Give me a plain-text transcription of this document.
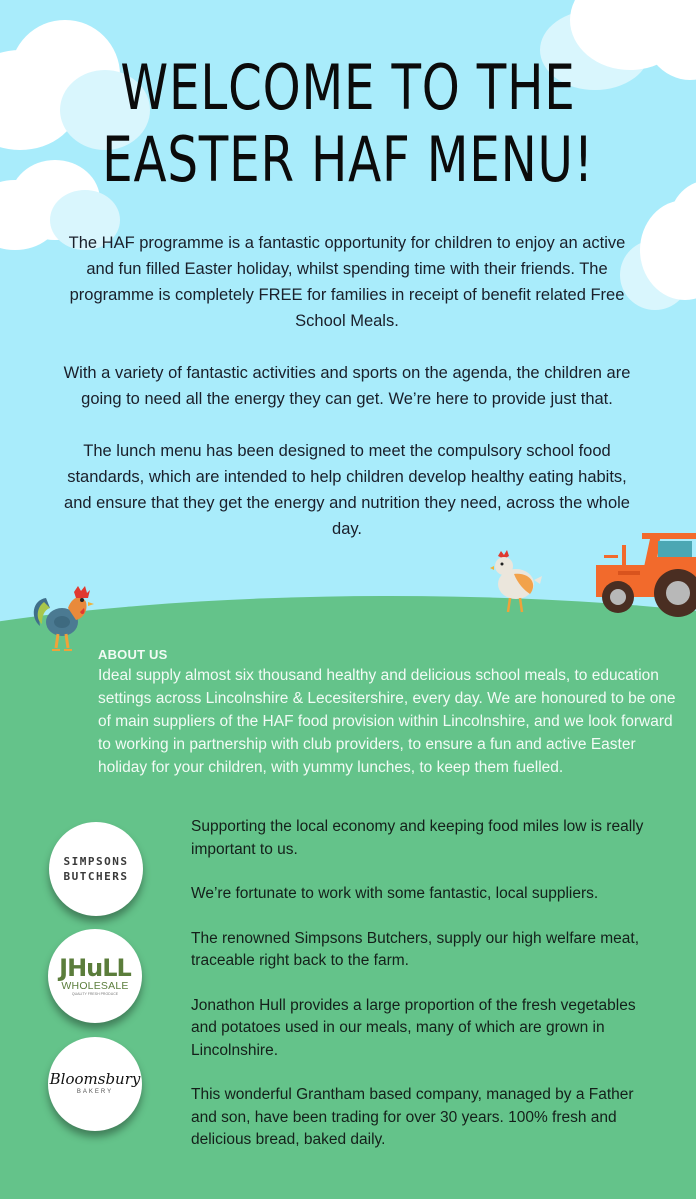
WELCOME TO THE
EASTER HAF MENU!

The HAF programme is a fantastic opportunity for children to enjoy an active and fun filled Easter holiday, whilst spending time with their friends. The programme is completely FREE for families in receipt of benefit related Free School Meals.

With a variety of fantastic activities and sports on the agenda, the children are going to need all the energy they can get. We’re here to provide just that.

The lunch menu has been designed to meet the compulsory school food standards, which are intended to help children develop healthy eating habits, and ensure that they get the energy and nutrition they need, across the whole day.

ABOUT US

Ideal supply almost six thousand healthy and delicious school meals, to education settings across Lincolnshire & Lecesitershire, every day. We are honoured to be one of main suppliers of the HAF food provision within Lincolnshire, and we look forward to working in partnership with club providers, to ensure a fun and active Easter holiday for your children, with yummy lunches, to keep them fuelled.

SIMPSONS
BUTCHERS
JHuLL
WHOLESALE
QUALITY FRESH PRODUCE
Bloomsbury
BAKERY

Supporting the local economy and keeping food miles low is really important to us.

We’re fortunate to work with some fantastic, local suppliers.

The renowned Simpsons Butchers, supply our high welfare meat, traceable right back to the farm.

Jonathon Hull provides a large proportion of the fresh vegetables and potatoes used in our meals, many of which are grown in Lincolnshire.

This wonderful Grantham based company, managed by a Father and son, have been trading for over 30 years. 100% fresh and delicious bread, baked daily.
